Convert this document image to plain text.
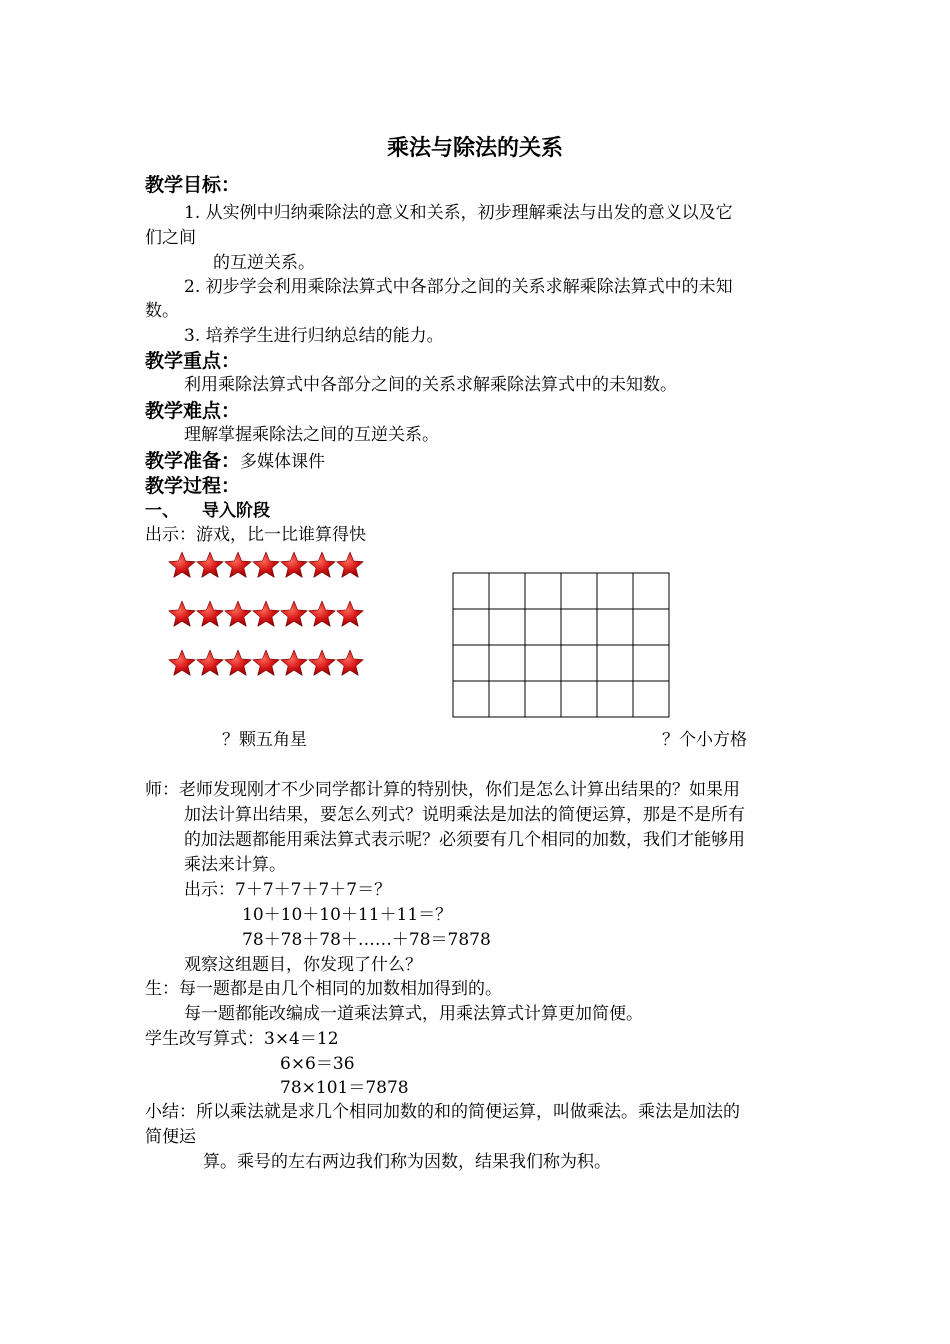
乘法与除法的关系
教学目标：
1. 从实例中归纳乘除法的意义和关系，初步理解乘法与出发的意义以及它
们之间
的互逆关系。
2. 初步学会利用乘除法算式中各部分之间的关系求解乘除法算式中的未知
数。
3. 培养学生进行归纳总结的能力。
教学重点：
利用乘除法算式中各部分之间的关系求解乘除法算式中的未知数。
教学难点：
理解掌握乘除法之间的互逆关系。
教学准备：多媒体课件
教学过程：
一、 导入阶段
出示：游戏，比一比谁算得快
？颗五角星	？个小方格
师：老师发现刚才不少同学都计算的特别快，你们是怎么计算出结果的？如果用
加法计算出结果，要怎么列式？说明乘法是加法的简便运算，那是不是所有
的加法题都能用乘法算式表示呢？必须要有几个相同的加数，我们才能够用
乘法来计算。
出示：7＋7＋7＋7＋7＝？
10＋10＋10＋11＋11＝？
78＋78＋78＋……＋78＝7878
观察这组题目，你发现了什么？
生：每一题都是由几个相同的加数相加得到的。
每一题都能改编成一道乘法算式，用乘法算式计算更加简便。
学生改写算式：3×4＝12
6×6＝36
78×101＝7878
小结：所以乘法就是求几个相同加数的和的简便运算，叫做乘法。乘法是加法的
简便运
算。乘号的左右两边我们称为因数，结果我们称为积。
